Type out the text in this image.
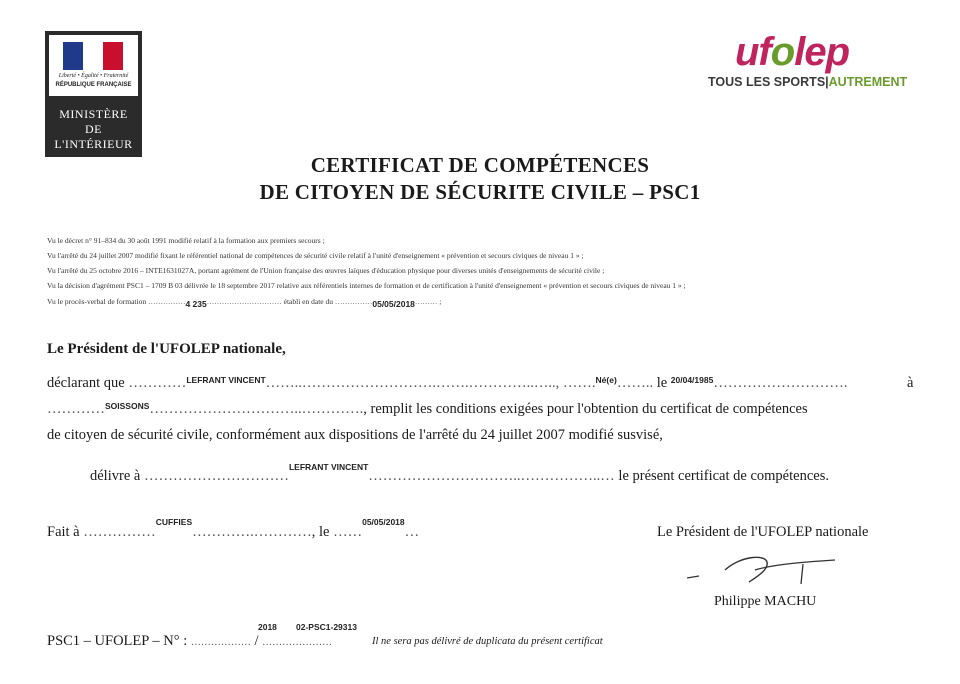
Liberté • Égalité • Fraternité
RÉPUBLIQUE FRANÇAISE
MINISTÈRE
DE
L'INTÉRIEUR
ufolep
TOUS LES SPORTS|AUTREMENT
CERTIFICAT DE COMPÉTENCES
DE CITOYEN DE SÉCURITE CIVILE – PSC1
Vu le décret n° 91–834 du 30 août 1991 modifié relatif à la formation aux premiers secours ;
Vu l'arrêté du 24 juillet 2007 modifié fixant le référentiel national de compétences de sécurité civile relatif à l'unité d'enseignement « prévention et secours civiques de niveau 1 » ;
Vu l'arrêté du 25 octobre 2016 – INTE1631027A, portant agrément de l'Union française des œuvres laïques d'éducation physique pour diverses unités d'enseignements de sécurité civile ;
Vu la décision d'agrément PSC1 – 1709 B 03 délivrée le 18 septembre 2017 relative aux référentiels internes de formation et de certification à l'unité d'enseignement « prévention et secours civiques de niveau 1 » ;
Vu le procès-verbal de formation ……………4 235………………………… établi en date du ……………05/05/2018……… ;
Le Président de l'UFOLEP nationale,
déclarant que …………$^{LEFRANT VINCENT}$……..……………………….…….…………..….., …….$^{Né(e)}$…….. le $^{20/04/1985}$……………………….	à
…………$^{SOISSONS}$…………………………..…………., remplit les conditions exigées pour l'obtention du certificat de compétences
de citoyen de sécurité civile, conformément aux dispositions de l'arrêté du 24 juillet 2007 modifié susvisé,
délivre à …………………………$^{LEFRANT VINCENT}$…………………………..……………..… le présent certificat de compétences.
Fait à ……………$^{CUFFIES}$………….…………, le ……$^{05/05/2018}$…	Le Président de l'UFOLEP nationale
Philippe MACHU
PSC1 – UFOLEP – N° : ……………… / …………………
2018 02-PSC1-29313
Il ne sera pas délivré de duplicata du présent certificat
